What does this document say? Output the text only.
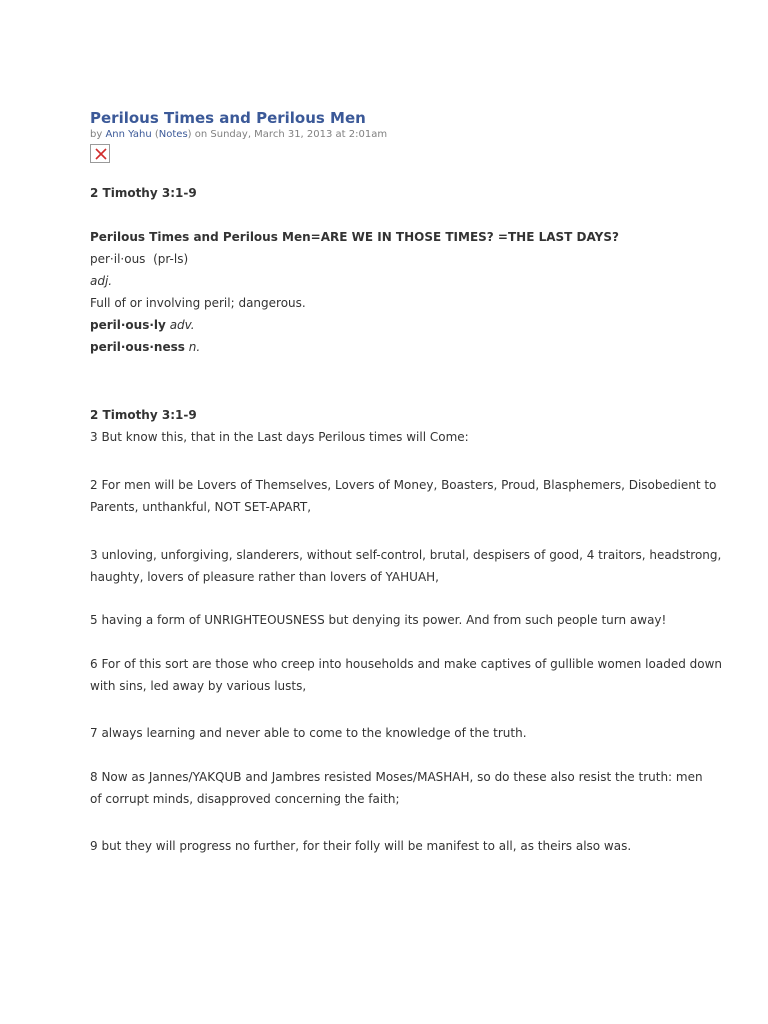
Perilous Times and Perilous Men
by Ann Yahu (Notes) on Sunday, March 31, 2013 at 2:01am
2 Timothy 3:1-9
Perilous Times and Perilous Men=ARE WE IN THOSE TIMES? =THE LAST DAYS?
per·il·ous (pr-ls)
adj.
Full of or involving peril; dangerous.
peril·ous·ly adv.
peril·ous·ness n.
2 Timothy 3:1-9
3 But know this, that in the Last days Perilous times will Come:
2 For men will be Lovers of Themselves, Lovers of Money, Boasters, Proud, Blasphemers, Disobedient to
Parents, unthankful, NOT SET-APART,
3 unloving, unforgiving, slanderers, without self-control, brutal, despisers of good, 4 traitors, headstrong,
haughty, lovers of pleasure rather than lovers of YAHUAH,
5 having a form of UNRIGHTEOUSNESS but denying its power. And from such people turn away!
6 For of this sort are those who creep into households and make captives of gullible women loaded down
with sins, led away by various lusts,
7 always learning and never able to come to the knowledge of the truth.
8 Now as Jannes/YAKQUB and Jambres resisted Moses/MASHAH, so do these also resist the truth: men
of corrupt minds, disapproved concerning the faith;
9 but they will progress no further, for their folly will be manifest to all, as theirs also was.
